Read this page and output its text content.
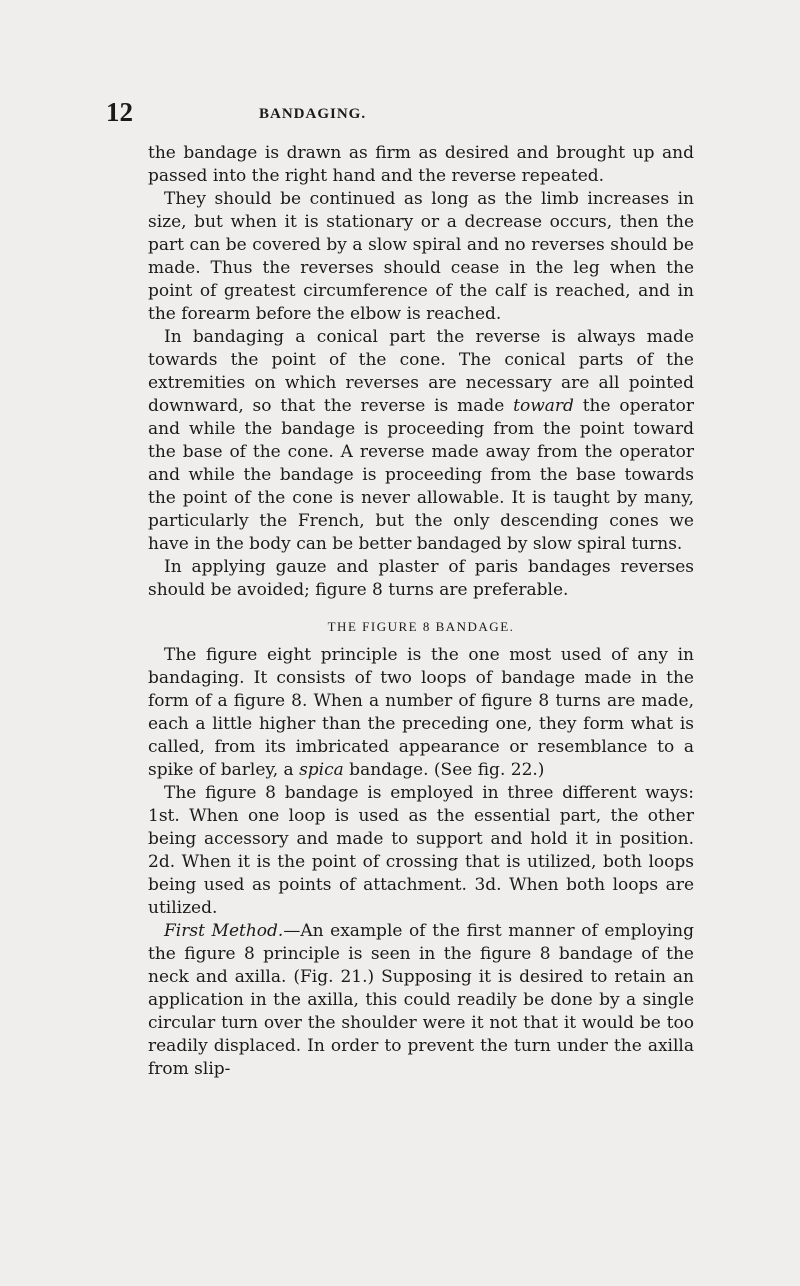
12	BANDAGING.

the bandage is drawn as firm as desired and brought up and passed into the right hand and the reverse repeated.

They should be continued as long as the limb increases in size, but when it is stationary or a decrease occurs, then the part can be covered by a slow spiral and no reverses should be made. Thus the reverses should cease in the leg when the point of greatest circumference of the calf is reached, and in the forearm before the elbow is reached.

In bandaging a conical part the reverse is always made towards the point of the cone. The conical parts of the extremities on which reverses are necessary are all pointed downward, so that the reverse is made toward the operator and while the bandage is proceeding from the point toward the base of the cone. A reverse made away from the operator and while the bandage is proceeding from the base towards the point of the cone is never allowable. It is taught by many, particularly the French, but the only descending cones we have in the body can be better bandaged by slow spiral turns.

In applying gauze and plaster of paris bandages reverses should be avoided; figure 8 turns are preferable.

THE FIGURE 8 BANDAGE.

The figure eight principle is the one most used of any in bandaging. It consists of two loops of bandage made in the form of a figure 8. When a number of figure 8 turns are made, each a little higher than the preceding one, they form what is called, from its imbricated appearance or resemblance to a spike of barley, a spica bandage. (See fig. 22.)

The figure 8 bandage is employed in three different ways: 1st. When one loop is used as the essential part, the other being accessory and made to support and hold it in position. 2d. When it is the point of crossing that is utilized, both loops being used as points of attachment. 3d. When both loops are utilized.

First Method.—An example of the first manner of employing the figure 8 principle is seen in the figure 8 bandage of the neck and axilla. (Fig. 21.) Supposing it is desired to retain an application in the axilla, this could readily be done by a single circular turn over the shoulder were it not that it would be too readily displaced. In order to prevent the turn under the axilla from slip-
